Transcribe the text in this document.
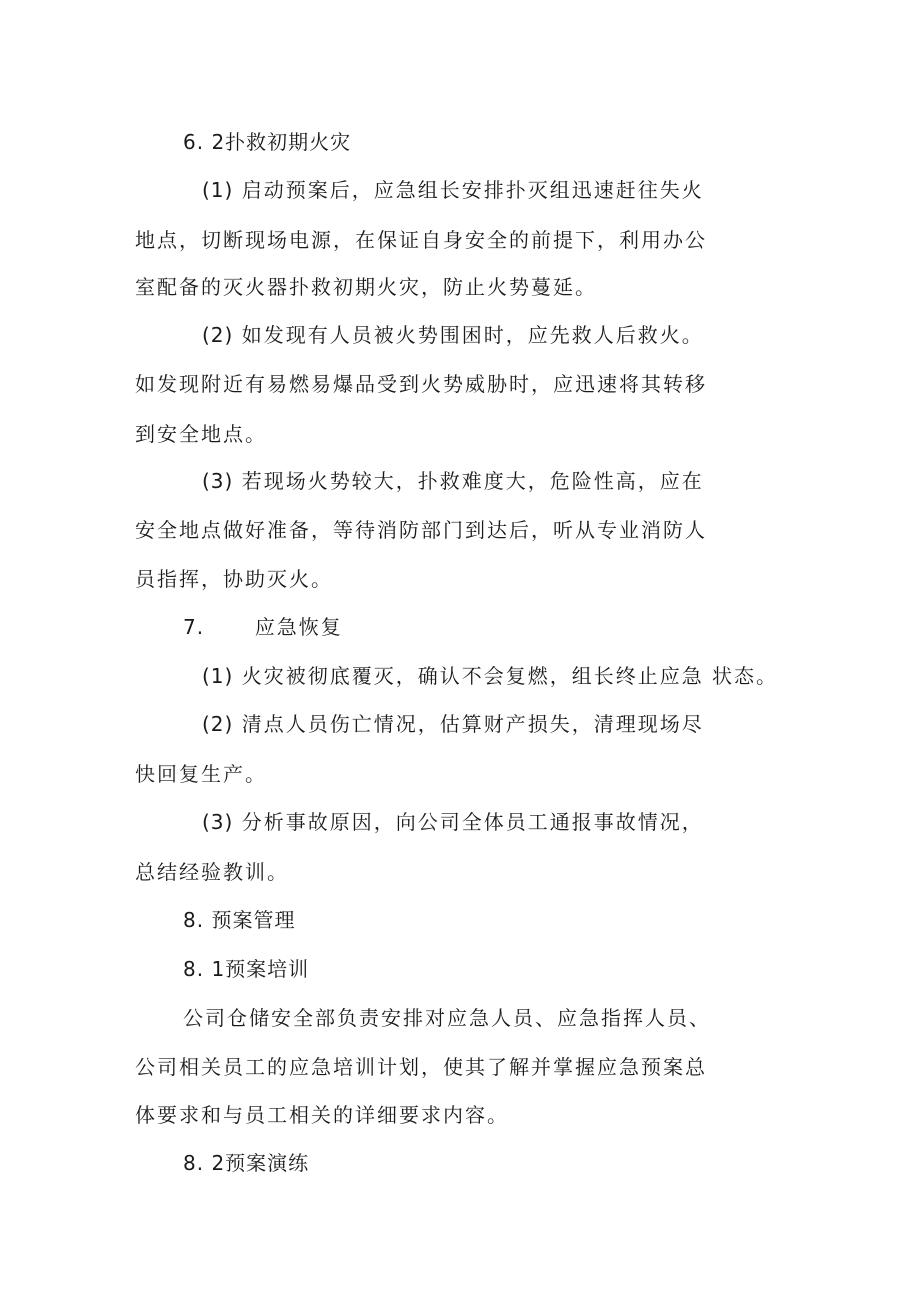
6. 2扑救初期火灾
(1) 启动预案后，应急组长安排扑灭组迅速赶往失火
地点，切断现场电源，在保证自身安全的前提下，利用办公
室配备的灭火器扑救初期火灾，防止火势蔓延。
(2) 如发现有人员被火势围困时，应先救人后救火。
如发现附近有易燃易爆品受到火势威胁时，应迅速将其转移
到安全地点。
(3) 若现场火势较大，扑救难度大，危险性高，应在
安全地点做好准备，等待消防部门到达后，听从专业消防人
员指挥，协助灭火。
7.	应急恢复
(1) 火灾被彻底覆灭，确认不会复燃，组长终止应急 状态。
(2) 清点人员伤亡情况，估算财产损失，清理现场尽
快回复生产。
(3) 分析事故原因，向公司全体员工通报事故情况，
总结经验教训。
8. 预案管理
8. 1预案培训
公司仓储安全部负责安排对应急人员、应急指挥人员、
公司相关员工的应急培训计划，使其了解并掌握应急预案总
体要求和与员工相关的详细要求内容。
8. 2预案演练
